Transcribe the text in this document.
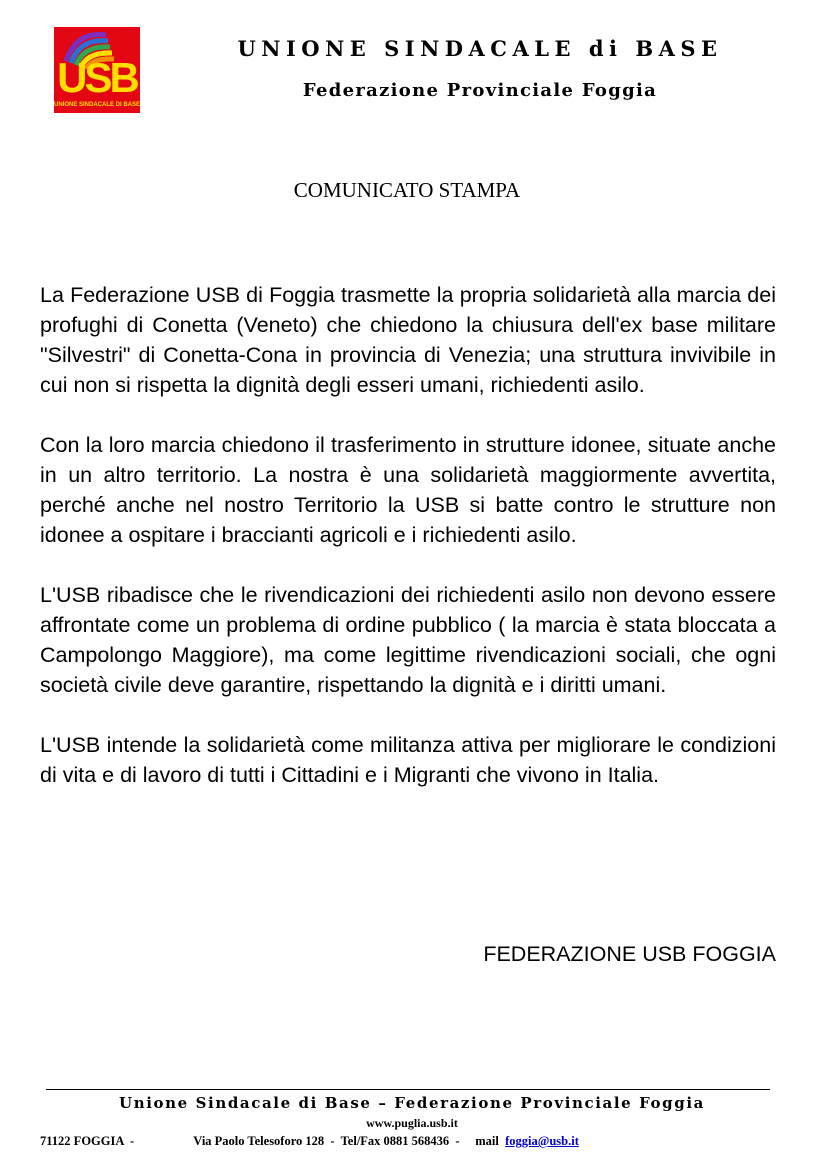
USB
UNIONE SINDACALE DI BASE
UNIONE SINDACALE di BASE
Federazione Provinciale Foggia
COMUNICATO STAMPA

La Federazione USB di Foggia trasmette la propria solidarietà alla marcia dei profughi di Conetta (Veneto) che chiedono la chiusura dell'ex base militare "Silvestri" di Conetta-Cona in provincia di Venezia; una struttura invivibile in cui non si rispetta la dignità degli esseri umani, richiedenti asilo.

Con la loro marcia chiedono il trasferimento in strutture idonee, situate anche in un altro territorio. La nostra è una solidarietà maggiormente avvertita, perché anche nel nostro Territorio la USB si batte contro le strutture non idonee a ospitare i braccianti agricoli e i richiedenti asilo.

L'USB ribadisce che le rivendicazioni dei richiedenti asilo non devono essere affrontate come un problema di ordine pubblico ( la marcia è stata bloccata a Campolongo Maggiore), ma come legittime rivendicazioni sociali, che ogni società civile deve garantire, rispettando la dignità e i diritti umani.

L'USB intende la solidarietà come militanza attiva per migliorare le condizioni di vita e di lavoro di tutti i Cittadini e i Migranti che vivono in Italia.

FEDERAZIONE USB FOGGIA
Unione Sindacale di Base – Federazione Provinciale Foggia
www.puglia.usb.it
71122 FOGGIA  -	Via Paolo Telesoforo 128  -  Tel/Fax 0881 568436  - mail foggia@usb.it
